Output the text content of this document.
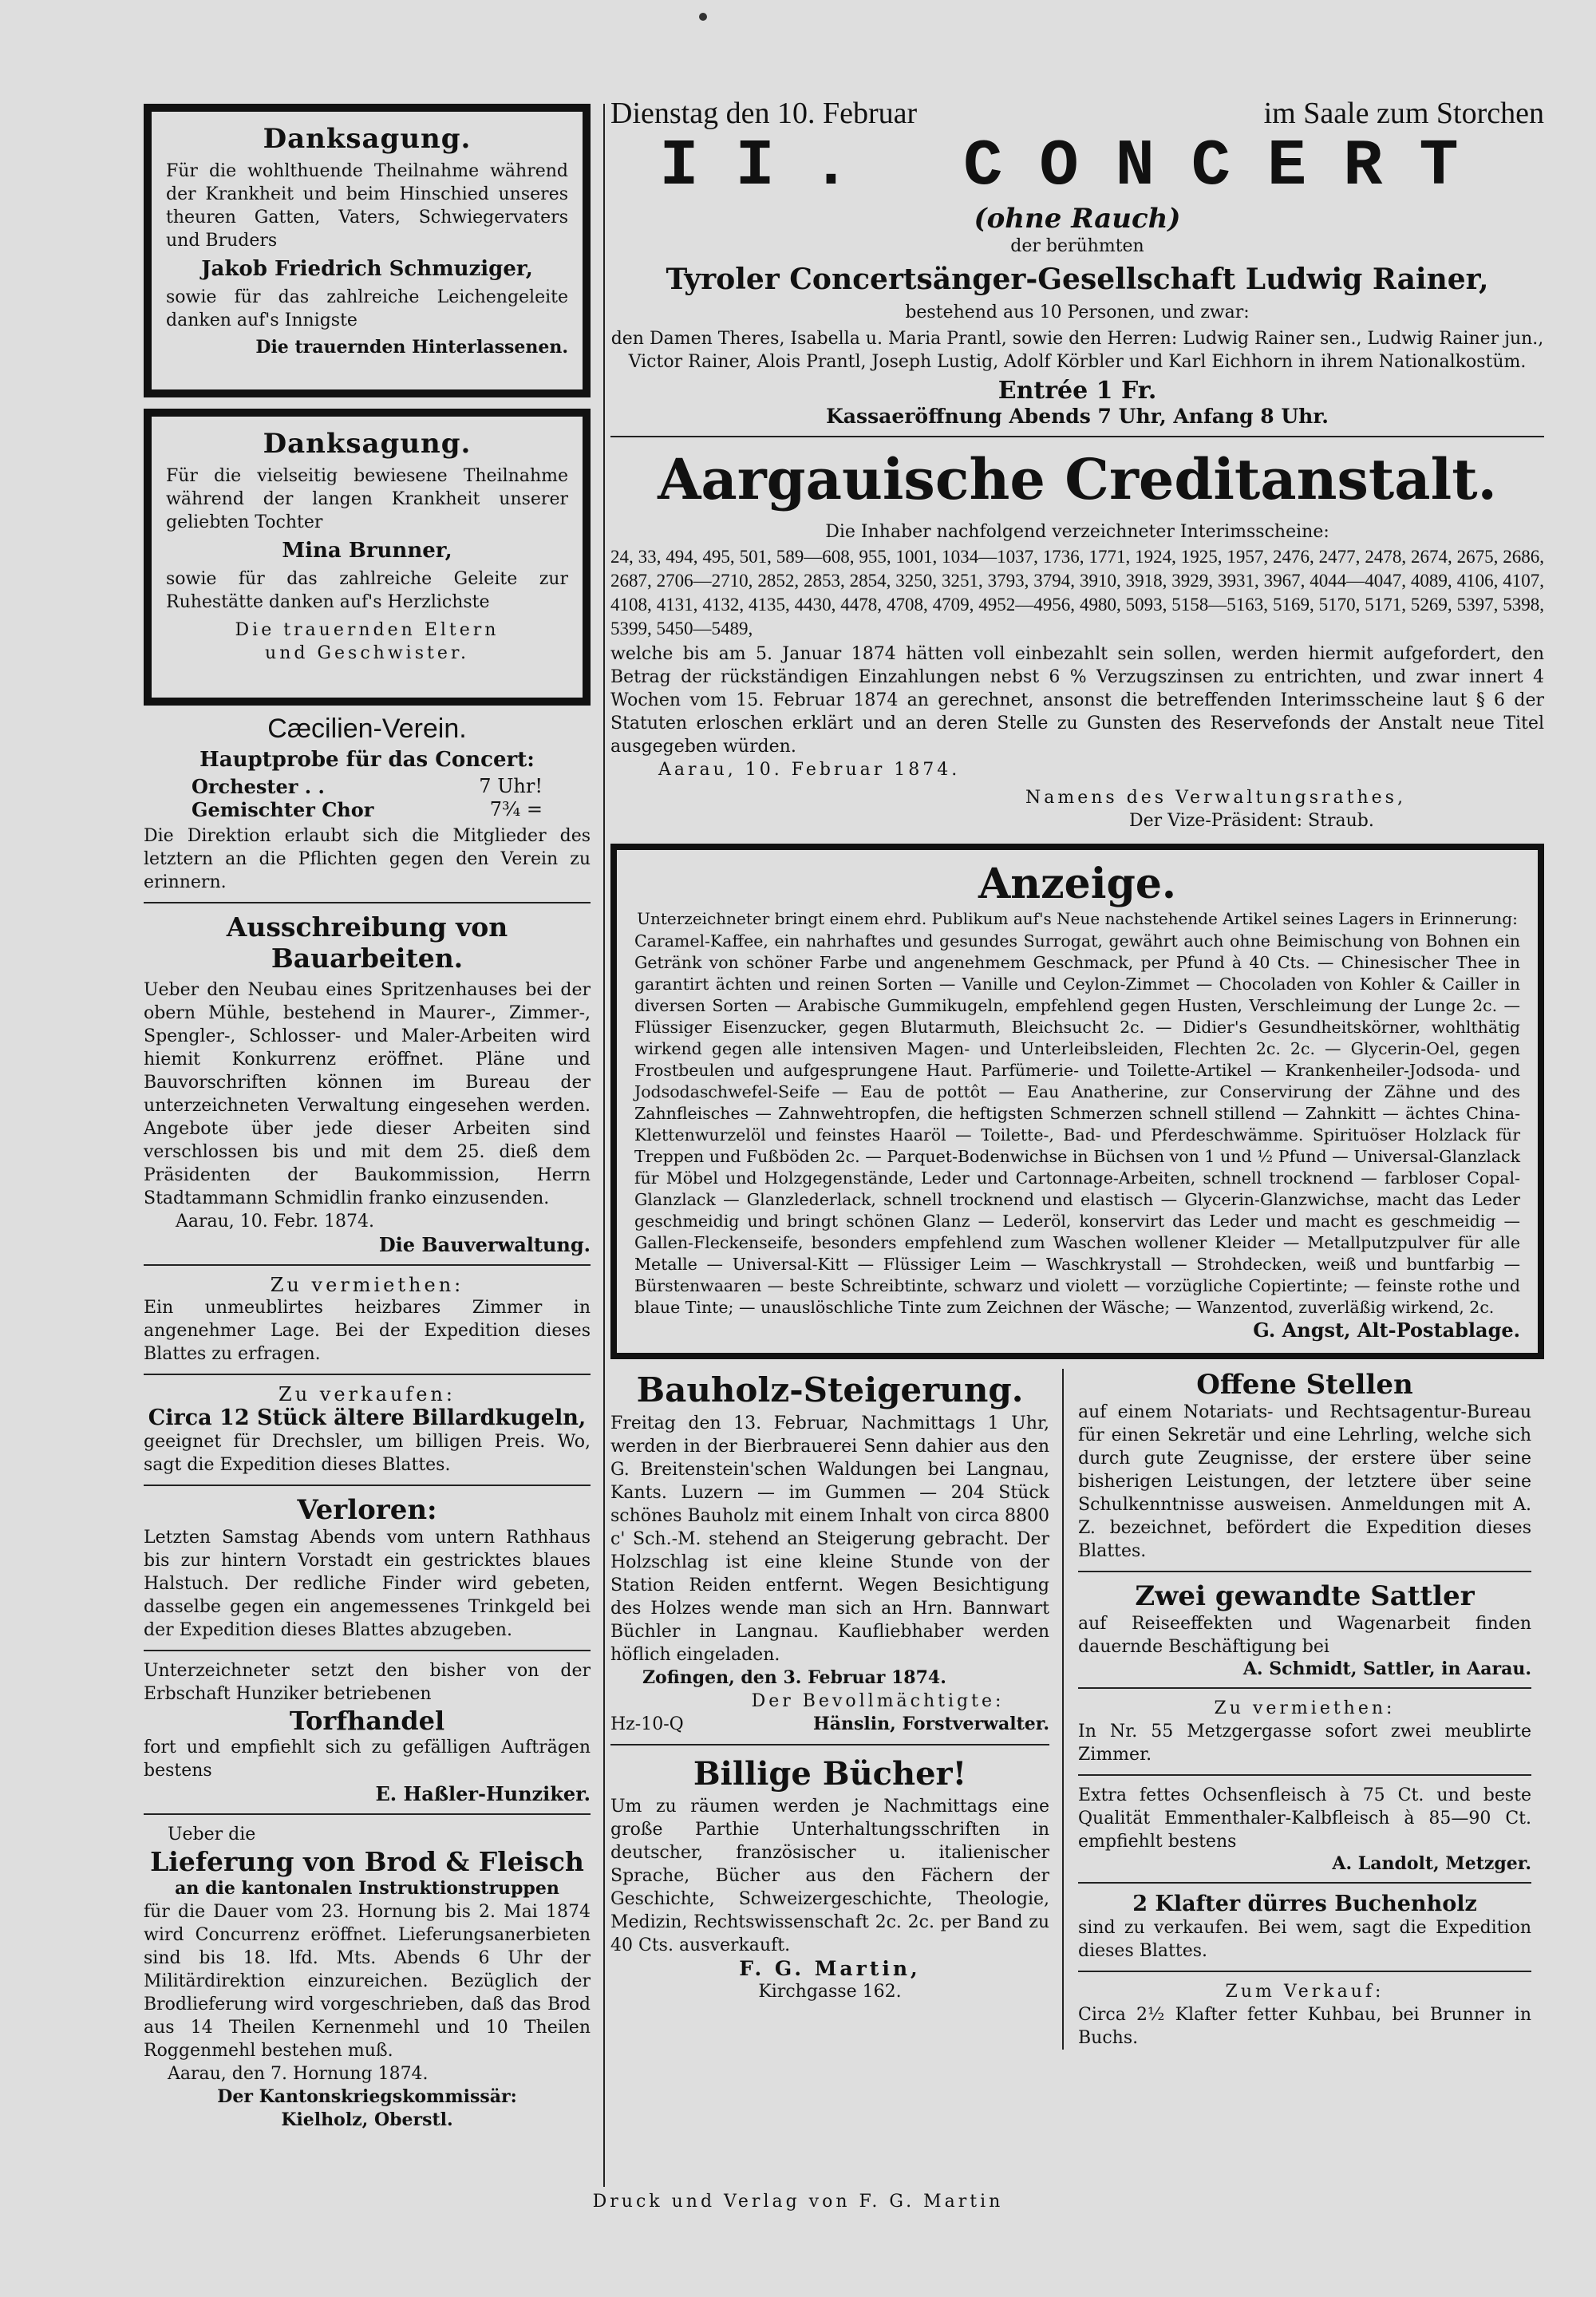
Danksagung.

Für die wohlthuende Theilnahme während der Krankheit und beim Hinschied unseres theuren Gatten, Vaters, Schwiegervaters und Bruders

Jakob Friedrich Schmuziger,

sowie für das zahlreiche Leichengeleite danken auf's Innigste

Die trauernden Hinterlassenen.
Danksagung.

Für die vielseitig bewiesene Theilnahme während der langen Krankheit unserer geliebten Tochter

Mina Brunner,

sowie für das zahlreiche Geleite zur Ruhestätte danken auf's Herzlichste

Die trauernden Eltern
und Geschwister.
Cæcilien-Verein.
Hauptprobe für das Concert:
Orchester . .	7 Uhr!
Gemischter Chor	7¾ =

Die Direktion erlaubt sich die Mitglieder des letztern an die Pflichten gegen den Verein zu erinnern.

Ausschreibung von Bauarbeiten.

Ueber den Neubau eines Spritzenhauses bei der obern Mühle, bestehend in Maurer-, Zimmer-, Spengler-, Schlosser- und Maler-Arbeiten wird hiemit Konkurrenz eröffnet. Pläne und Bauvorschriften können im Bureau der unterzeichneten Verwaltung eingesehen werden. Angebote über jede dieser Arbeiten sind verschlossen bis und mit dem 25. dieß dem Präsidenten der Baukommission, Herrn Stadtammann Schmidlin franko einzusenden.

Aarau, 10. Febr. 1874.
Die Bauverwaltung.
Zu vermiethen:

Ein unmeublirtes heizbares Zimmer in angenehmer Lage. Bei der Expedition dieses Blattes zu erfragen.

Zu verkaufen:
Circa 12 Stück ältere Billardkugeln,

geeignet für Drechsler, um billigen Preis. Wo, sagt die Expedition dieses Blattes.

Verloren:

Letzten Samstag Abends vom untern Rathhaus bis zur hintern Vorstadt ein gestricktes blaues Halstuch. Der redliche Finder wird gebeten, dasselbe gegen ein angemessenes Trinkgeld bei der Expedition dieses Blattes abzugeben.

Unterzeichneter setzt den bisher von der Erbschaft Hunziker betriebenen

Torfhandel

fort und empfiehlt sich zu gefälligen Aufträgen bestens

E. Haßler-Hunziker.
Ueber die
Lieferung von Brod & Fleisch
an die kantonalen Instruktionstruppen

für die Dauer vom 23. Hornung bis 2. Mai 1874 wird Concurrenz eröffnet. Lieferungsanerbieten sind bis 18. lfd. Mts. Abends 6 Uhr der Militärdirektion einzureichen. Bezüglich der Brodlieferung wird vorgeschrieben, daß das Brod aus 14 Theilen Kernenmehl und 10 Theilen Roggenmehl bestehen muß.

Aarau, den 7. Hornung 1874.
Der Kantonskriegskommissär:
Kielholz, Oberstl.
Dienstag den 10. Februar	im Saale zum Storchen

II. CONCERT

(ohne Rauch)
der berühmten
Tyroler Concertsänger-Gesellschaft Ludwig Rainer,
bestehend aus 10 Personen, und zwar:

den Damen Theres, Isabella u. Maria Prantl, sowie den Herren: Ludwig Rainer sen., Ludwig Rainer jun., Victor Rainer, Alois Prantl, Joseph Lustig, Adolf Körbler und Karl Eichhorn in ihrem Nationalkostüm.

Entrée 1 Fr.
Kassaeröffnung Abends 7 Uhr, Anfang 8 Uhr.
Aargauische Creditanstalt.
Die Inhaber nachfolgend verzeichneter Interimsscheine:

24, 33, 494, 495, 501, 589—608, 955, 1001, 1034—1037, 1736, 1771, 1924, 1925, 1957, 2476, 2477, 2478, 2674, 2675, 2686, 2687, 2706—2710, 2852, 2853, 2854, 3250, 3251, 3793, 3794, 3910, 3918, 3929, 3931, 3967, 4044—4047, 4089, 4106, 4107, 4108, 4131, 4132, 4135, 4430, 4478, 4708, 4709, 4952—4956, 4980, 5093, 5158—5163, 5169, 5170, 5171, 5269, 5397, 5398, 5399, 5450—5489,

welche bis am 5. Januar 1874 hätten voll einbezahlt sein sollen, werden hiermit aufgefordert, den Betrag der rückständigen Einzahlungen nebst 6 % Verzugszinsen zu entrichten, und zwar innert 4 Wochen vom 15. Februar 1874 an gerechnet, ansonst die betreffenden Interimsscheine laut § 6 der Statuten erloschen erklärt und an deren Stelle zu Gunsten des Reservefonds der Anstalt neue Titel ausgegeben würden.

Aarau, 10. Februar 1874.
Namens des Verwaltungsrathes,
Der Vize-Präsident: Straub.
Anzeige.
Unterzeichneter bringt einem ehrd. Publikum auf's Neue nachstehende Artikel seines Lagers in Erinnerung:

Caramel-Kaffee, ein nahrhaftes und gesundes Surrogat, gewährt auch ohne Beimischung von Bohnen ein Getränk von schöner Farbe und angenehmem Geschmack, per Pfund à 40 Cts. — Chinesischer Thee in garantirt ächten und reinen Sorten — Vanille und Ceylon-Zimmet — Chocoladen von Kohler & Cailler in diversen Sorten — Arabische Gummikugeln, empfehlend gegen Husten, Verschleimung der Lunge 2c. — Flüssiger Eisenzucker, gegen Blutarmuth, Bleichsucht 2c. — Didier's Gesundheitskörner, wohlthätig wirkend gegen alle intensiven Magen- und Unterleibsleiden, Flechten 2c. 2c. — Glycerin-Oel, gegen Frostbeulen und aufgesprungene Haut. Parfümerie- und Toilette-Artikel — Krankenheiler-Jodsoda- und Jodsodaschwefel-Seife — Eau de pottôt — Eau Anatherine, zur Conservirung der Zähne und des Zahnfleisches — Zahnwehtropfen, die heftigsten Schmerzen schnell stillend — Zahnkitt — ächtes China-Klettenwurzelöl und feinstes Haaröl — Toilette-, Bad- und Pferdeschwämme. Spirituöser Holzlack für Treppen und Fußböden 2c. — Parquet-Bodenwichse in Büchsen von 1 und ½ Pfund — Universal-Glanzlack für Möbel und Holzgegenstände, Leder und Cartonnage-Arbeiten, schnell trocknend — farbloser Copal-Glanzlack — Glanzlederlack, schnell trocknend und elastisch — Glycerin-Glanzwichse, macht das Leder geschmeidig und bringt schönen Glanz — Lederöl, konservirt das Leder und macht es geschmeidig — Gallen-Fleckenseife, besonders empfehlend zum Waschen wollener Kleider — Metallputzpulver für alle Metalle — Universal-Kitt — Flüssiger Leim — Waschkrystall — Strohdecken, weiß und buntfarbig — Bürstenwaaren — beste Schreibtinte, schwarz und violett — vorzügliche Copiertinte; — feinste rothe und blaue Tinte; — unauslöschliche Tinte zum Zeichnen der Wäsche; — Wanzentod, zuverläßig wirkend, 2c.

G. Angst, Alt-Postablage.
Bauholz-Steigerung.

Freitag den 13. Februar, Nachmittags 1 Uhr, werden in der Bierbrauerei Senn dahier aus den G. Breitenstein'schen Waldungen bei Langnau, Kants. Luzern — im Gummen — 204 Stück schönes Bauholz mit einem Inhalt von circa 8800 c' Sch.-M. stehend an Steigerung gebracht. Der Holzschlag ist eine kleine Stunde von der Station Reiden entfernt. Wegen Besichtigung des Holzes wende man sich an Hrn. Bannwart Büchler in Langnau. Kaufliebhaber werden höflich eingeladen.

Zofingen, den 3. Februar 1874.
Der Bevollmächtigte:
Hz-10-Q	Hänslin, Forstverwalter.
Billige Bücher!

Um zu räumen werden je Nachmittags eine große Parthie Unterhaltungsschriften in deutscher, französischer u. italienischer Sprache, Bücher aus den Fächern der Geschichte, Schweizergeschichte, Theologie, Medizin, Rechtswissenschaft 2c. 2c. per Band zu 40 Cts. ausverkauft.

F. G. Martin,
Kirchgasse 162.
Offene Stellen

auf einem Notariats- und Rechtsagentur-Bureau für einen Sekretär und eine Lehrling, welche sich durch gute Zeugnisse, der erstere über seine bisherigen Leistungen, der letztere über seine Schulkenntnisse ausweisen. Anmeldungen mit A. Z. bezeichnet, befördert die Expedition dieses Blattes.

Zwei gewandte Sattler

auf Reiseeffekten und Wagenarbeit finden dauernde Beschäftigung bei

A. Schmidt, Sattler, in Aarau.
Zu vermiethen:

In Nr. 55 Metzgergasse sofort zwei meublirte Zimmer.

Extra fettes Ochsenfleisch à 75 Ct. und beste Qualität Emmenthaler-Kalbfleisch à 85—90 Ct. empfiehlt bestens

A. Landolt, Metzger.
2 Klafter dürres Buchenholz

sind zu verkaufen. Bei wem, sagt die Expedition dieses Blattes.

Zum Verkauf:

Circa 2½ Klafter fetter Kuhbau, bei Brunner in Buchs.

Druck und Verlag von F. G. Martin
